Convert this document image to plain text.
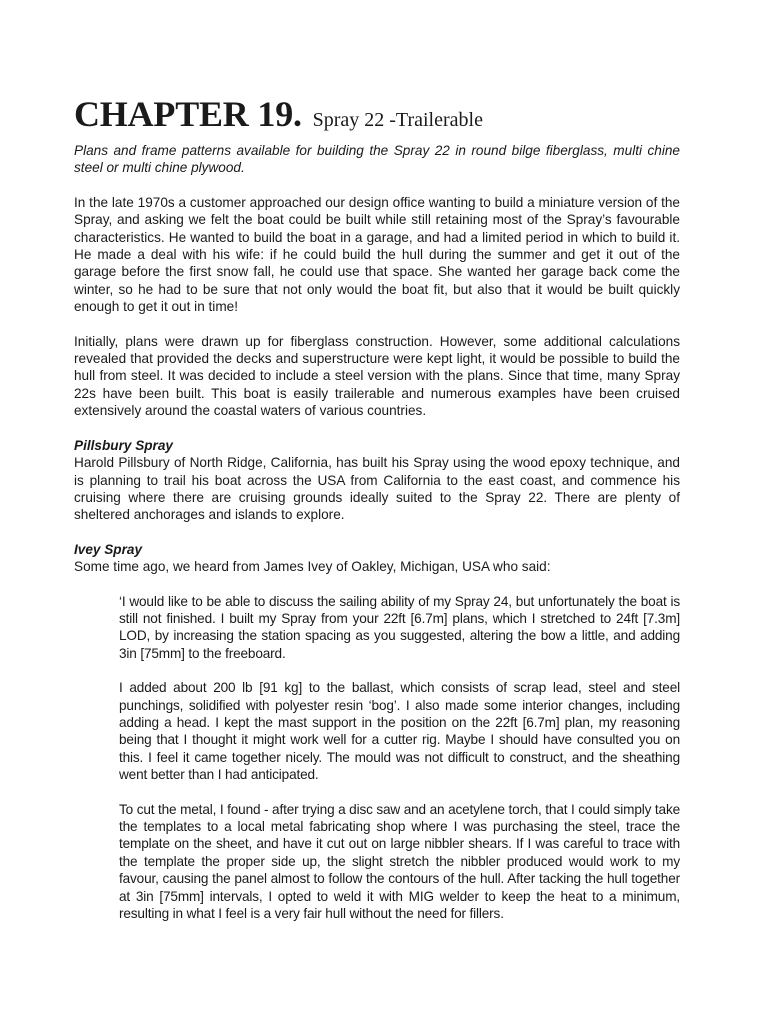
CHAPTER 19. Spray 22 -Trailerable

Plans and frame patterns available for building the Spray 22 in round bilge fiberglass, multi chine steel or multi chine plywood.

In the late 1970s a customer approached our design office wanting to build a miniature version of the Spray, and asking we felt the boat could be built while still retaining most of the Spray’s favourable characteristics. He wanted to build the boat in a garage, and had a limited period in which to build it. He made a deal with his wife: if he could build the hull during the summer and get it out of the garage before the first snow fall, he could use that space. She wanted her garage back come the winter, so he had to be sure that not only would the boat fit, but also that it would be built quickly enough to get it out in time!

Initially, plans were drawn up for fiberglass construction. However, some additional calculations revealed that provided the decks and superstructure were kept light, it would be possible to build the hull from steel. It was decided to include a steel version with the plans. Since that time, many Spray 22s have been built. This boat is easily trailerable and numerous examples have been cruised extensively around the coastal waters of various countries.

Pillsbury Spray

Harold Pillsbury of North Ridge, California, has built his Spray using the wood epoxy technique, and is planning to trail his boat across the USA from California to the east coast, and commence his cruising where there are cruising grounds ideally suited to the Spray 22. There are plenty of sheltered anchorages and islands to explore.

Ivey Spray

Some time ago, we heard from James Ivey of Oakley, Michigan, USA who said:

‘I would like to be able to discuss the sailing ability of my Spray 24, but unfortunately the boat is still not finished. I built my Spray from your 22ft [6.7m] plans, which I stretched to 24ft [7.3m] LOD, by increasing the station spacing as you suggested, altering the bow a little, and adding 3in [75mm] to the freeboard.

I added about 200 lb [91 kg] to the ballast, which consists of scrap lead, steel and steel punchings, solidified with polyester resin ‘bog’. I also made some interior changes, including adding a head. I kept the mast support in the position on the 22ft [6.7m] plan, my reasoning being that I thought it might work well for a cutter rig. Maybe I should have consulted you on this. I feel it came together nicely. The mould was not difficult to construct, and the sheathing went better than I had anticipated.

To cut the metal, I found - after trying a disc saw and an acetylene torch, that I could simply take the templates to a local metal fabricating shop where I was purchasing the steel, trace the template on the sheet, and have it cut out on large nibbler shears. If I was careful to trace with the template the proper side up, the slight stretch the nibbler produced would work to my favour, causing the panel almost to follow the contours of the hull. After tacking the hull together at 3in [75mm] intervals, I opted to weld it with MIG welder to keep the heat to a minimum, resulting in what I feel is a very fair hull without the need for fillers.
